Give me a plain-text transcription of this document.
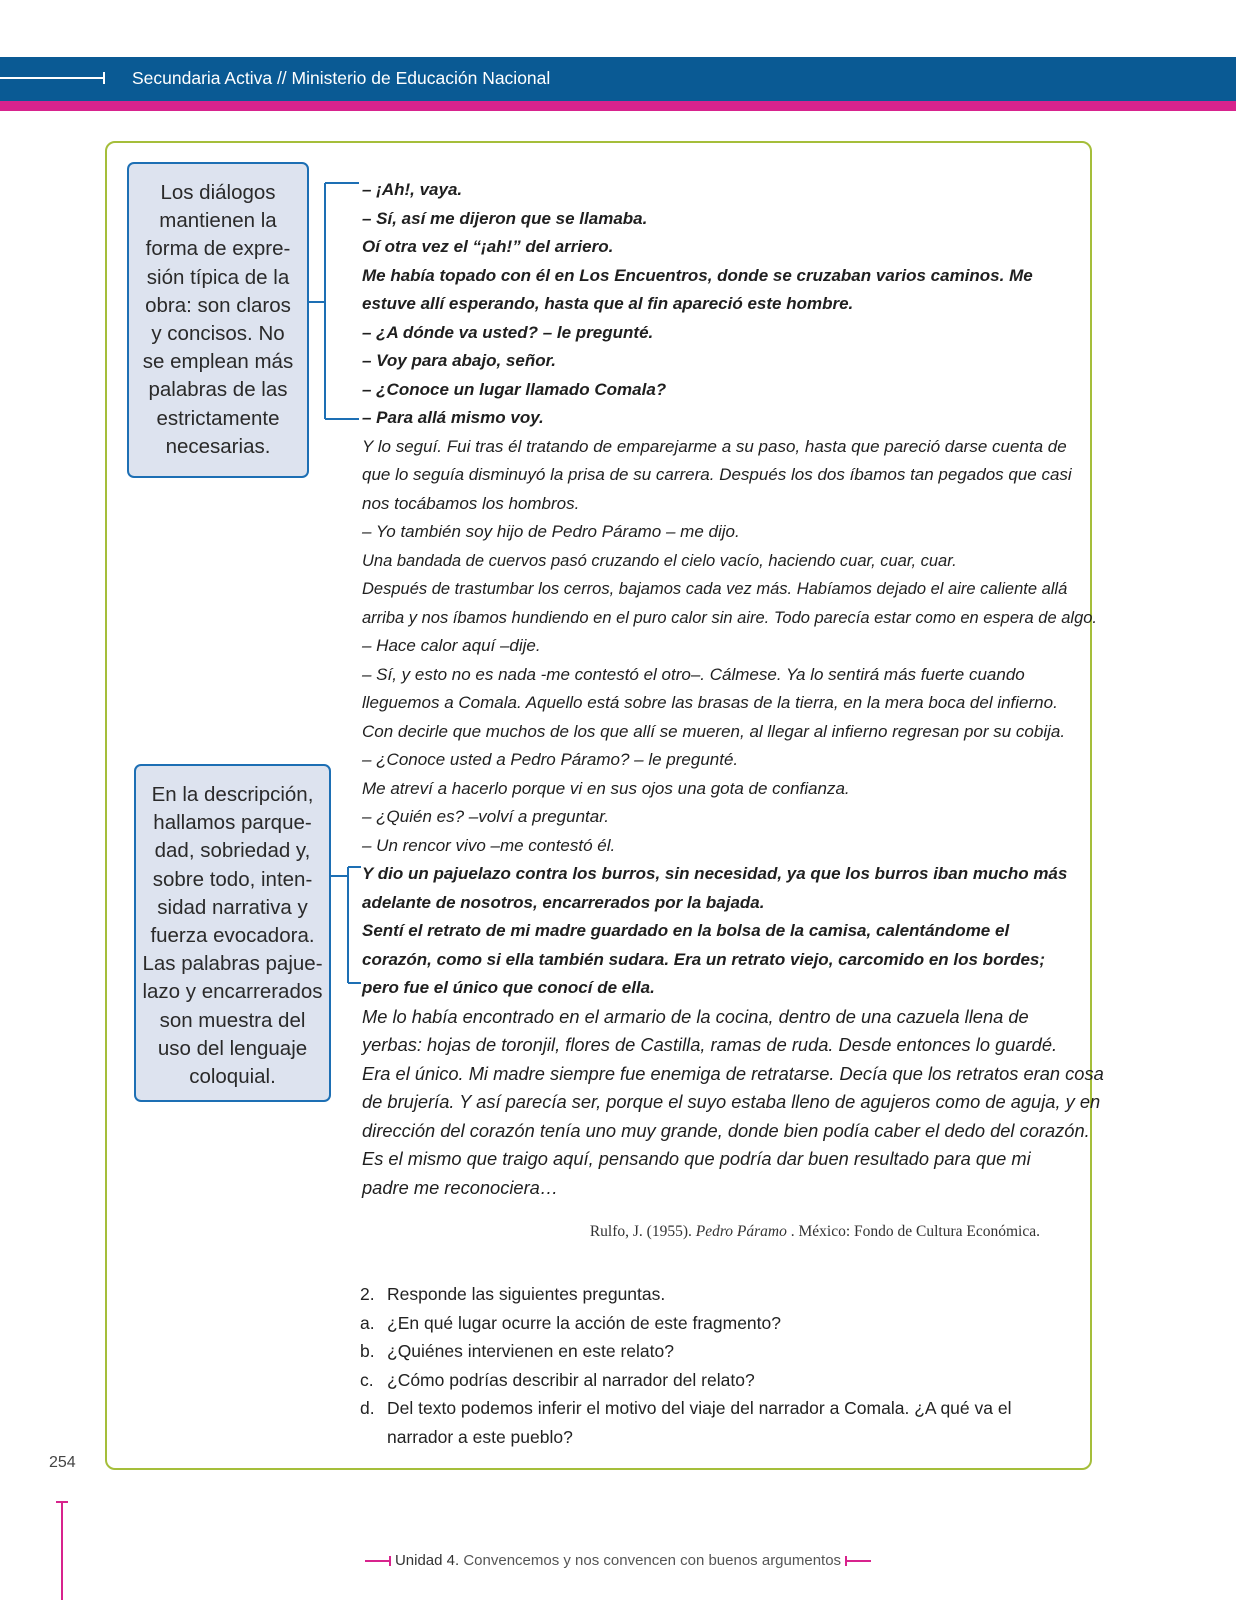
Secundaria Activa // Ministerio de Educación Nacional
Los diálogos
mantienen la
forma de expre-
sión típica de la
obra: son claros
y concisos. No
se emplean más
palabras de las
estrictamente
necesarias.
En la descripción,
hallamos parque-
dad, sobriedad y,
sobre todo, inten-
sidad narrativa y
fuerza evocadora.
Las palabras pajue-
lazo y encarrerados
son muestra del
uso del lenguaje
coloquial.
– ¡Ah!, vaya.
– Sí, así me dijeron que se llamaba.
Oí otra vez el “¡ah!” del arriero.
Me había topado con él en Los Encuentros, donde se cruzaban varios caminos. Me
estuve allí esperando, hasta que al fin apareció este hombre.
– ¿A dónde va usted? – le pregunté.
– Voy para abajo, señor.
– ¿Conoce un lugar llamado Comala?
– Para allá mismo voy.
Y lo seguí. Fui tras él tratando de emparejarme a su paso, hasta que pareció darse cuenta de
que lo seguía disminuyó la prisa de su carrera. Después los dos íbamos tan pegados que casi
nos tocábamos los hombros.
– Yo también soy hijo de Pedro Páramo – me dijo.
Una bandada de cuervos pasó cruzando el cielo vacío, haciendo cuar, cuar, cuar.
Después de trastumbar los cerros, bajamos cada vez más. Habíamos dejado el aire caliente allá
arriba y nos íbamos hundiendo en el puro calor sin aire. Todo parecía estar como en espera de algo.
– Hace calor aquí –dije.
– Sí, y esto no es nada -me contestó el otro–. Cálmese. Ya lo sentirá más fuerte cuando
lleguemos a Comala. Aquello está sobre las brasas de la tierra, en la mera boca del infierno.
Con decirle que muchos de los que allí se mueren, al llegar al infierno regresan por su cobija.
– ¿Conoce usted a Pedro Páramo? – le pregunté.
Me atreví a hacerlo porque vi en sus ojos una gota de confianza.
– ¿Quién es? –volví a preguntar.
– Un rencor vivo –me contestó él.
Y dio un pajuelazo contra los burros, sin necesidad, ya que los burros iban mucho más
adelante de nosotros, encarrerados por la bajada.
Sentí el retrato de mi madre guardado en la bolsa de la camisa, calentándome el
corazón, como si ella también sudara. Era un retrato viejo, carcomido en los bordes;
pero fue el único que conocí de ella.
Me lo había encontrado en el armario de la cocina, dentro de una cazuela llena de
yerbas: hojas de toronjil, flores de Castilla, ramas de ruda. Desde entonces lo guardé.
Era el único. Mi madre siempre fue enemiga de retratarse. Decía que los retratos eran cosa
de brujería. Y así parecía ser, porque el suyo estaba lleno de agujeros como de aguja, y en
dirección del corazón tenía uno muy grande, donde bien podía caber el dedo del corazón.
Es el mismo que traigo aquí, pensando que podría dar buen resultado para que mi
padre me reconociera…
Rulfo, J. (1955). Pedro Páramo . México: Fondo de Cultura Económica.
2. Responde las siguientes preguntas.
a. ¿En qué lugar ocurre la acción de este fragmento?
b. ¿Quiénes intervienen en este relato?
c. ¿Cómo podrías describir al narrador del relato?
d. Del texto podemos inferir el motivo del viaje del narrador a Comala. ¿A qué va el narrador a este pueblo?
254
Unidad 4. Convencemos y nos convencen con buenos argumentos
